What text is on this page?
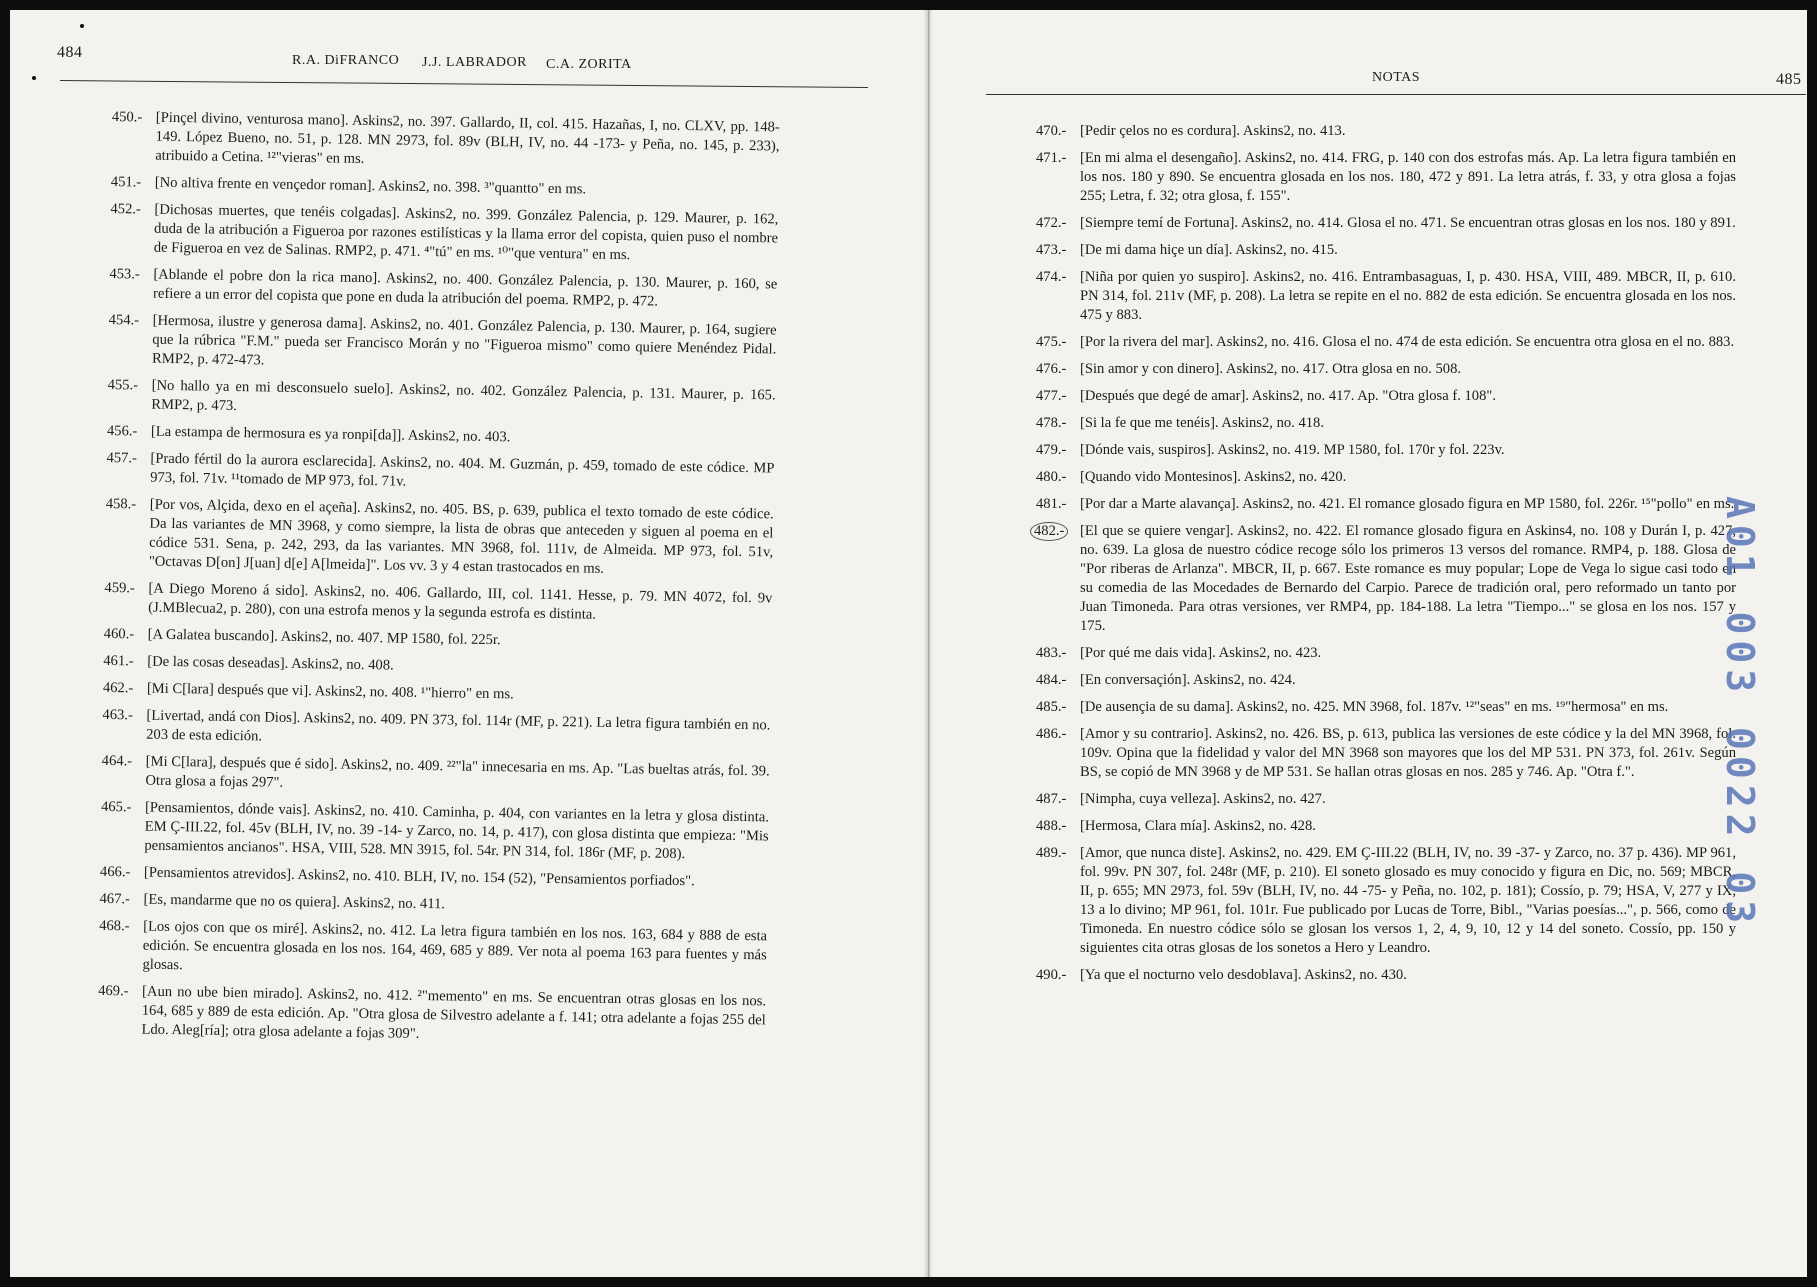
484	R.A. DiFRANCO J.J. LABRADOR C.A. ZORITA
NOTAS	485
450.- [Pinçel divino, venturosa mano]. Askins2, no. 397. Gallardo, II, col. 415. Hazañas, I, no. CLXV, pp. 148-149. López Bueno, no. 51, p. 128. MN 2973, fol. 89v (BLH, IV, no. 44 -173- y Peña, no. 145, p. 233), atribuido a Cetina. ¹²"vieras" en ms.
451.- [No altiva frente en vençedor roman]. Askins2, no. 398. ³"quantto" en ms.
452.- [Dichosas muertes, que tenéis colgadas]. Askins2, no. 399. González Palencia, p. 129. Maurer, p. 162, duda de la atribución a Figueroa por razones estilísticas y la llama error del copista, quien puso el nombre de Figueroa en vez de Salinas. RMP2, p. 471. ⁴"tú" en ms. ¹⁰"que ventura" en ms.
453.- [Ablande el pobre don la rica mano]. Askins2, no. 400. González Palencia, p. 130. Maurer, p. 160, se refiere a un error del copista que pone en duda la atribución del poema. RMP2, p. 472.
454.- [Hermosa, ilustre y generosa dama]. Askins2, no. 401. González Palencia, p. 130. Maurer, p. 164, sugiere que la rúbrica "F.M." pueda ser Francisco Morán y no "Figueroa mismo" como quiere Menéndez Pidal. RMP2, p. 472-473.
455.- [No hallo ya en mi desconsuelo suelo]. Askins2, no. 402. González Palencia, p. 131. Maurer, p. 165. RMP2, p. 473.
456.- [La estampa de hermosura es ya ronpi[da]]. Askins2, no. 403.
457.- [Prado fértil do la aurora esclarecida]. Askins2, no. 404. M. Guzmán, p. 459, tomado de este códice. MP 973, fol. 71v. ¹¹tomado de MP 973, fol. 71v.
458.- [Por vos, Alçida, dexo en el açeña]. Askins2, no. 405. BS, p. 639, publica el texto tomado de este códice. Da las variantes de MN 3968, y como siempre, la lista de obras que anteceden y siguen al poema en el códice 531. Sena, p. 242, 293, da las variantes. MN 3968, fol. 111v, de Almeida. MP 973, fol. 51v, "Octavas D[on] J[uan] d[e] A[lmeida]". Los vv. 3 y 4 estan trastocados en ms.
459.- [A Diego Moreno á sido]. Askins2, no. 406. Gallardo, III, col. 1141. Hesse, p. 79. MN 4072, fol. 9v (J.MBlecua2, p. 280), con una estrofa menos y la segunda estrofa es distinta.
460.- [A Galatea buscando]. Askins2, no. 407. MP 1580, fol. 225r.
461.- [De las cosas deseadas]. Askins2, no. 408.
462.- [Mi C[lara] después que vi]. Askins2, no. 408. ¹"hierro" en ms.
463.- [Livertad, andá con Dios]. Askins2, no. 409. PN 373, fol. 114r (MF, p. 221). La letra figura también en no. 203 de esta edición.
464.- [Mi C[lara], después que é sido]. Askins2, no. 409. ²²"la" innecesaria en ms. Ap. "Las bueltas atrás, fol. 39. Otra glosa a fojas 297".
465.- [Pensamientos, dónde vais]. Askins2, no. 410. Caminha, p. 404, con variantes en la letra y glosa distinta. EM Ç-III.22, fol. 45v (BLH, IV, no. 39 -14- y Zarco, no. 14, p. 417), con glosa distinta que empieza: "Mis pensamientos ancianos". HSA, VIII, 528. MN 3915, fol. 54r. PN 314, fol. 186r (MF, p. 208).
466.- [Pensamientos atrevidos]. Askins2, no. 410. BLH, IV, no. 154 (52), "Pensamientos porfiados".
467.- [Es, mandarme que no os quiera]. Askins2, no. 411.
468.- [Los ojos con que os miré]. Askins2, no. 412. La letra figura también en los nos. 163, 684 y 888 de esta edición. Se encuentra glosada en los nos. 164, 469, 685 y 889. Ver nota al poema 163 para fuentes y más glosas.
469.- [Aun no ube bien mirado]. Askins2, no. 412. ²"memento" en ms. Se encuentran otras glosas en los nos. 164, 685 y 889 de esta edición. Ap. "Otra glosa de Silvestro adelante a f. 141; otra adelante a fojas 255 del Ldo. Aleg[ría]; otra glosa adelante a fojas 309".
470.- [Pedir çelos no es cordura]. Askins2, no. 413.
471.- [En mi alma el desengaño]. Askins2, no. 414. FRG, p. 140 con dos estrofas más. Ap. La letra figura también en los nos. 180 y 890. Se encuentra glosada en los nos. 180, 472 y 891. La letra atrás, f. 33, y otra glosa a fojas 255; Letra, f. 32; otra glosa, f. 155".
472.- [Siempre temí de Fortuna]. Askins2, no. 414. Glosa el no. 471. Se encuentran otras glosas en los nos. 180 y 891.
473.- [De mi dama hiçe un día]. Askins2, no. 415.
474.- [Niña por quien yo suspiro]. Askins2, no. 416. Entrambasaguas, I, p. 430. HSA, VIII, 489. MBCR, II, p. 610. PN 314, fol. 211v (MF, p. 208). La letra se repite en el no. 882 de esta edición. Se encuentra glosada en los nos. 475 y 883.
475.- [Por la rivera del mar]. Askins2, no. 416. Glosa el no. 474 de esta edición. Se encuentra otra glosa en el no. 883.
476.- [Sin amor y con dinero]. Askins2, no. 417. Otra glosa en no. 508.
477.- [Después que degé de amar]. Askins2, no. 417. Ap. "Otra glosa f. 108".
478.- [Si la fe que me tenéis]. Askins2, no. 418.
479.- [Dónde vais, suspiros]. Askins2, no. 419. MP 1580, fol. 170r y fol. 223v.
480.- [Quando vido Montesinos]. Askins2, no. 420.
481.- [Por dar a Marte alavança]. Askins2, no. 421. El romance glosado figura en MP 1580, fol. 226r. ¹⁵"pollo" en ms.
482.-	[El que se quiere vengar]. Askins2, no. 422. El romance glosado figura en Askins4, no. 108 y Durán I, p. 427, no. 639. La glosa de nuestro códice recoge sólo los primeros 13 versos del romance. RMP4, p. 188. Glosa de "Por riberas de Arlanza". MBCR, II, p. 667. Este romance es muy popular; Lope de Vega lo sigue casi todo en su comedia de las Mocedades de Bernardo del Carpio. Parece de tradición oral, pero reformado un tanto por Juan Timoneda. Para otras versiones, ver RMP4, pp. 184-188. La letra "Tiempo..." se glosa en los nos. 157 y 175.
483.- [Por qué me dais vida]. Askins2, no. 423.
484.- [En conversaçión]. Askins2, no. 424.
485.- [De ausençia de su dama]. Askins2, no. 425. MN 3968, fol. 187v. ¹²"seas" en ms. ¹⁹"hermosa" en ms.
486.- [Amor y su contrario]. Askins2, no. 426. BS, p. 613, publica las versiones de este códice y la del MN 3968, fol. 109v. Opina que la fidelidad y valor del MN 3968 son mayores que los del MP 531. PN 373, fol. 261v. Según BS, se copió de MN 3968 y de MP 531. Se hallan otras glosas en nos. 285 y 746. Ap. "Otra f.".
487.- [Nimpha, cuya velleza]. Askins2, no. 427.
488.- [Hermosa, Clara mía]. Askins2, no. 428.
489.- [Amor, que nunca diste]. Askins2, no. 429. EM Ç-III.22 (BLH, IV, no. 39 -37- y Zarco, no. 37 p. 436). MP 961, fol. 99v. PN 307, fol. 248r (MF, p. 210). El soneto glosado es muy conocido y figura en Dic, no. 569; MBCR, II, p. 655; MN 2973, fol. 59v (BLH, IV, no. 44 -75- y Peña, no. 102, p. 181); Cossío, p. 79; HSA, V, 277 y IX, 13 a lo divino; MP 961, fol. 101r. Fue publicado por Lucas de Torre, Bibl., "Varias poesías...", p. 566, como de Timoneda. En nuestro códice sólo se glosan los versos 1, 2, 4, 9, 10, 12 y 14 del soneto. Cossío, pp. 150 y siguientes cita otras glosas de los sonetos a Hero y Leandro.
490.- [Ya que el nocturno velo desdoblava]. Askins2, no. 430.
A01 003 0022 03
